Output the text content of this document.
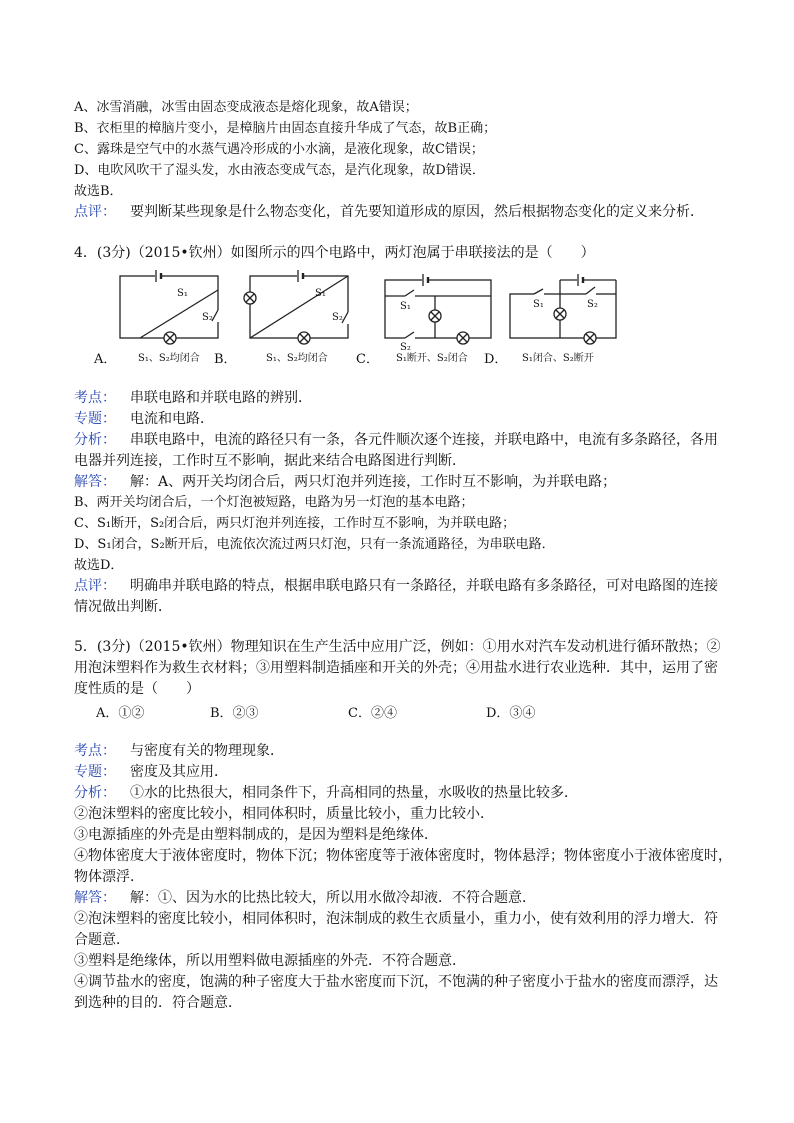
A、冰雪消融，冰雪由固态变成液态是熔化现象，故A错误；
B、衣柜里的樟脑片变小，是樟脑片由固态直接升华成了气态，故B正确；
C、露珠是空气中的水蒸气遇冷形成的小水滴，是液化现象，故C错误；
D、电吹风吹干了湿头发，水由液态变成气态，是汽化现象，故D错误．
故选B．
点评： 要判断某些现象是什么物态变化，首先要知道形成的原因，然后根据物态变化的定义来分析．
4．(3分)（2015•钦州）如图所示的四个电路中，两灯泡属于串联接法的是（　　）
S₁
S₂
S₁
S₂
S₁
S₂
S₁	S₂
A． S₁、S₂均闭合 B．	S₁、S₂均闭合 C． S₁断开、S₂闭合 D． S₁闭合、S₂断开
考点： 串联电路和并联电路的辨别．
专题： 电流和电路．
分析： 串联电路中，电流的路径只有一条，各元件顺次逐个连接，并联电路中，电流有多条路径，各用
电器并列连接，工作时互不影响，据此来结合电路图进行判断．
解答： 解：A、两开关均闭合后，两只灯泡并列连接，工作时互不影响，为并联电路；
B、两开关均闭合后，一个灯泡被短路，电路为另一灯泡的基本电路；
C、S₁断开，S₂闭合后，两只灯泡并列连接，工作时互不影响，为并联电路；
D、S₁闭合，S₂断开后，电流依次流过两只灯泡，只有一条流通路径，为串联电路．
故选D．
点评： 明确串并联电路的特点，根据串联电路只有一条路径，并联电路有多条路径，可对电路图的连接
情况做出判断．
5．(3分)（2015•钦州）物理知识在生产生活中应用广泛，例如：①用水对汽车发动机进行循环散热；②
用泡沫塑料作为救生衣材料；③用塑料制造插座和开关的外壳；④用盐水进行农业选种．其中，运用了密
度性质的是（　　）
A．①②	B．②③	C．②④	D．③④
考点： 与密度有关的物理现象．
专题： 密度及其应用．
分析： ①水的比热很大，相同条件下，升高相同的热量，水吸收的热量比较多．
②泡沫塑料的密度比较小，相同体积时，质量比较小，重力比较小．
③电源插座的外壳是由塑料制成的，是因为塑料是绝缘体．
④物体密度大于液体密度时，物体下沉；物体密度等于液体密度时，物体悬浮；物体密度小于液体密度时，
物体漂浮．
解答： 解：①、因为水的比热比较大，所以用水做冷却液．不符合题意．
②泡沫塑料的密度比较小，相同体积时，泡沫制成的救生衣质量小，重力小，使有效利用的浮力增大．符
合题意．
③塑料是绝缘体，所以用塑料做电源插座的外壳．不符合题意．
④调节盐水的密度，饱满的种子密度大于盐水密度而下沉，不饱满的种子密度小于盐水的密度而漂浮，达
到选种的目的．符合题意．
